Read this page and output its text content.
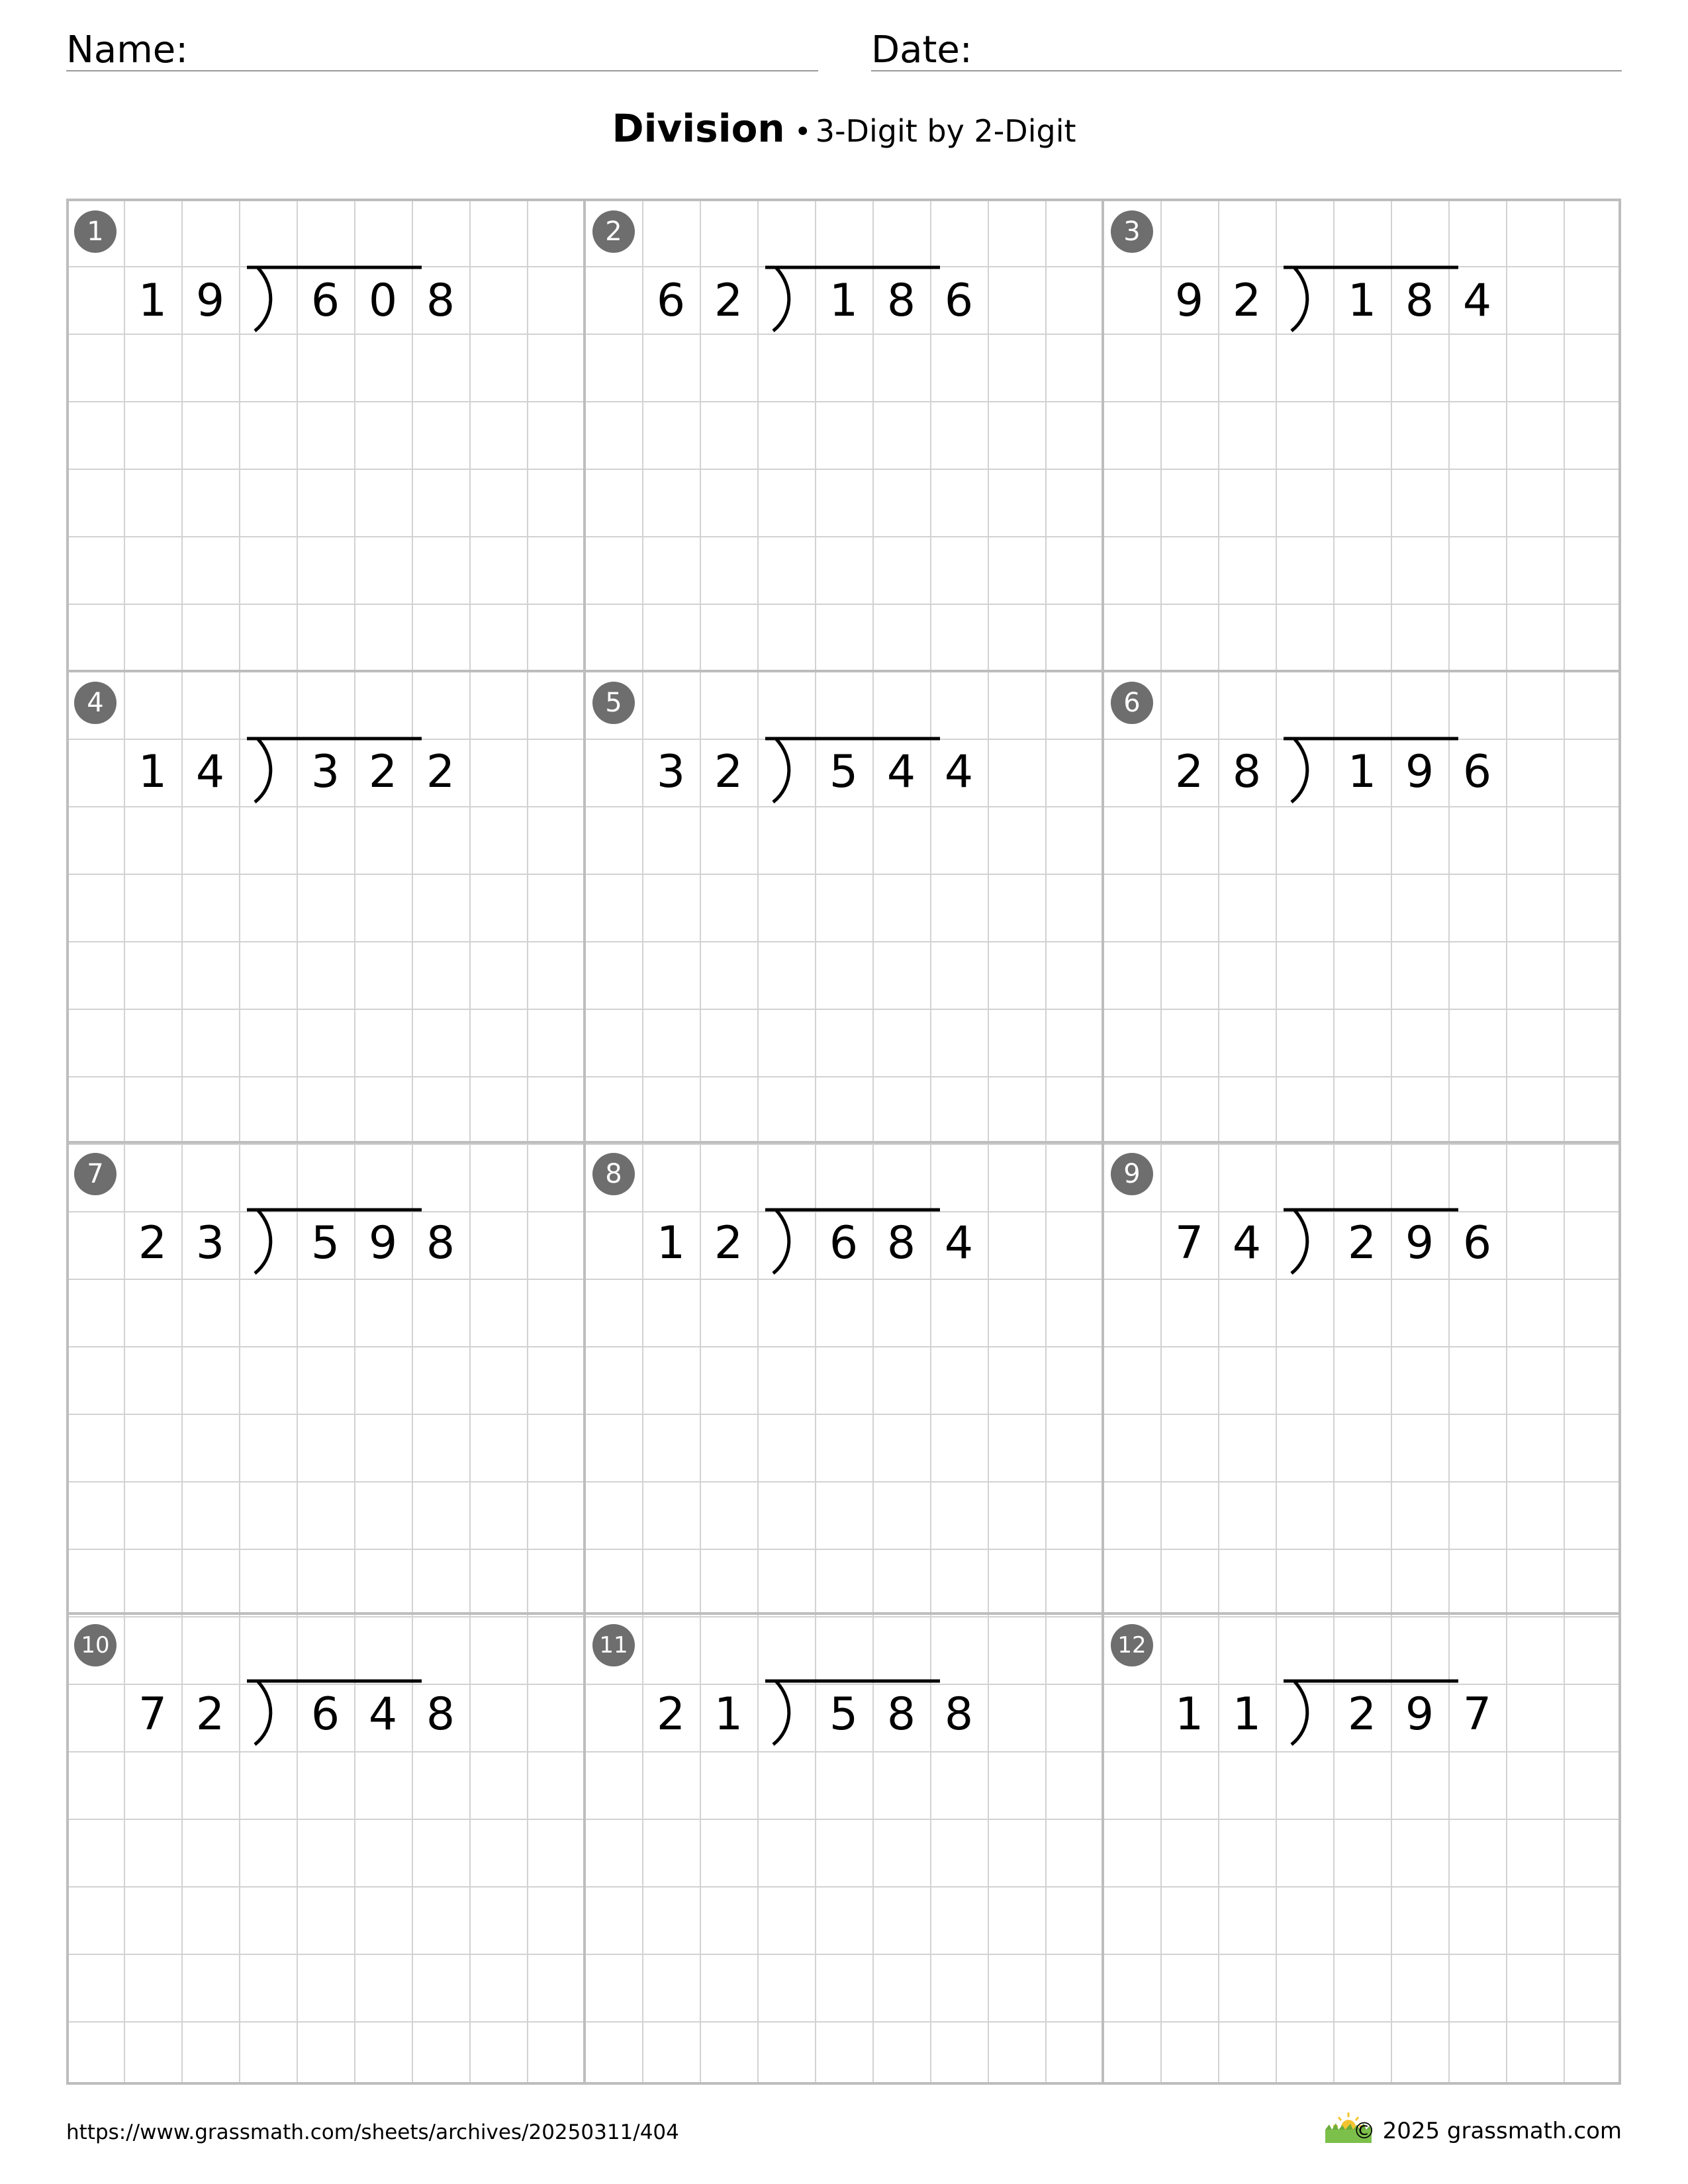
Name:	Date:
Division • 3-Digit by 2-Digit
1
1 9	6 0 8
2
6 2	1 8 6
3
9 2	1 8 4
4
1 4	3 2 2
5
3 2	5 4 4
6
2 8	1 9 6
7
2 3	5 9 8
8
1 2	6 8 4
9
7 4	2 9 6
10
7 2	6 4 8
11
2 1	5 8 8
12
1 1	2 9 7
https://www.grassmath.com/sheets/archives/20250311/404	© 2025 grassmath.com
